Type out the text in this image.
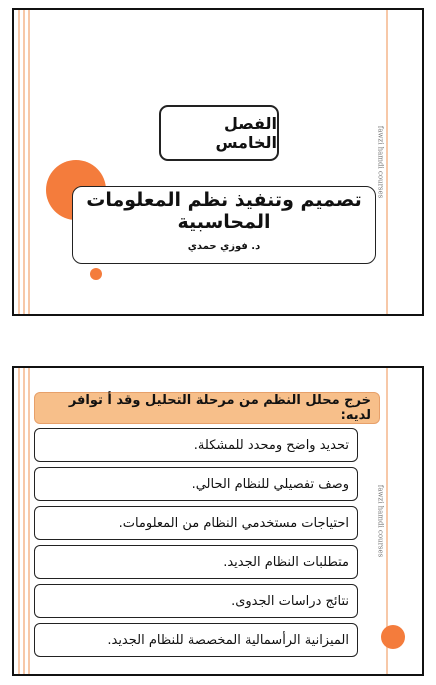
fawzi hamdi courses
الفصل الخامس
تصميم وتنفيذ نظم المعلومات
المحاسبية
د. فوزي حمدي
fawzi hamdi courses
خرج محلل النظم من مرحلة التحليل وقد أ توافر لديه:
تحديد واضح ومحدد للمشكلة.
وصف تفصيلي للنظام الحالي.
احتياجات مستخدمي النظام من المعلومات.
متطلبات النظام الجديد.
نتائج دراسات الجدوى.
الميزانية الرأسمالية المخصصة للنظام الجديد.
